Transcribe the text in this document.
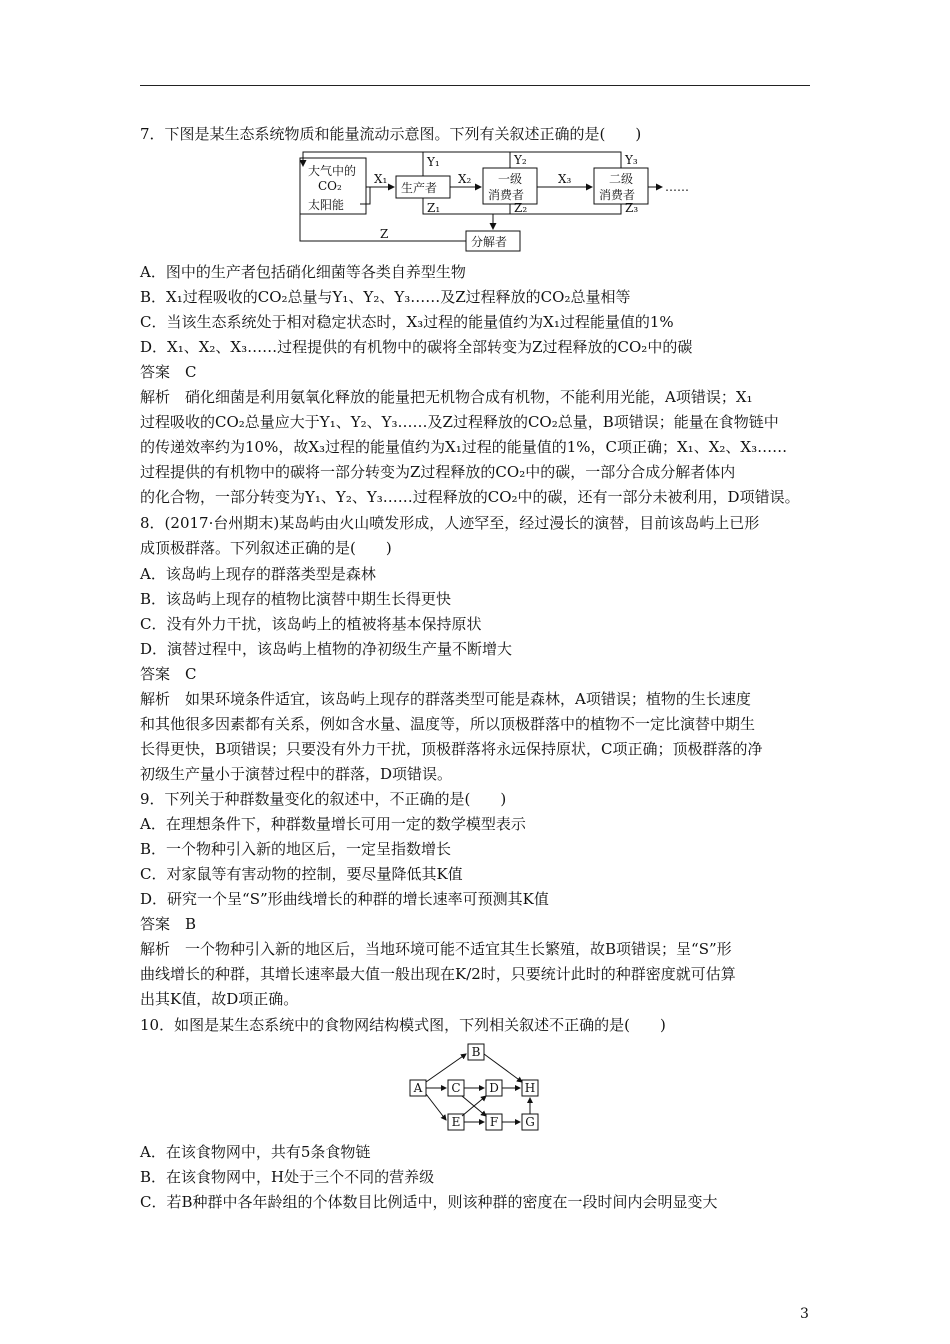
7．下图是某生态系统物质和能量流动示意图。下列有关叙述正确的是(　　)
大气中的
CO₂
太阳能
生产者
一级
消费者
二级
消费者
分解者
X₁	X₂	X₃
Y₁	Y₂	Y₃
Z₁	Z₂	Z₃
Z
……
A．图中的生产者包括硝化细菌等各类自养型生物
B．X₁过程吸收的CO₂总量与Y₁、Y₂、Y₃……及Z过程释放的CO₂总量相等
C．当该生态系统处于相对稳定状态时，X₃过程的能量值约为X₁过程能量值的1%
D．X₁、X₂、X₃……过程提供的有机物中的碳将全部转变为Z过程释放的CO₂中的碳
答案　C
解析　硝化细菌是利用氨氧化释放的能量把无机物合成有机物，不能利用光能，A项错误；X₁
过程吸收的CO₂总量应大于Y₁、Y₂、Y₃……及Z过程释放的CO₂总量，B项错误；能量在食物链中
的传递效率约为10%，故X₃过程的能量值约为X₁过程的能量值的1%，C项正确；X₁、X₂、X₃……
过程提供的有机物中的碳将一部分转变为Z过程释放的CO₂中的碳，一部分合成分解者体内
的化合物，一部分转变为Y₁、Y₂、Y₃……过程释放的CO₂中的碳，还有一部分未被利用，D项错误。
8．(2017·台州期末)某岛屿由火山喷发形成，人迹罕至，经过漫长的演替，目前该岛屿上已形
成顶极群落。下列叙述正确的是(　　)
A．该岛屿上现存的群落类型是森林
B．该岛屿上现存的植物比演替中期生长得更快
C．没有外力干扰，该岛屿上的植被将基本保持原状
D．演替过程中，该岛屿上植物的净初级生产量不断增大
答案　C
解析　如果环境条件适宜，该岛屿上现存的群落类型可能是森林，A项错误；植物的生长速度
和其他很多因素都有关系，例如含水量、温度等，所以顶极群落中的植物不一定比演替中期生
长得更快，B项错误；只要没有外力干扰，顶极群落将永远保持原状，C项正确；顶极群落的净
初级生产量小于演替过程中的群落，D项错误。
9．下列关于种群数量变化的叙述中，不正确的是(　　)
A．在理想条件下，种群数量增长可用一定的数学模型表示
B．一个物种引入新的地区后，一定呈指数增长
C．对家鼠等有害动物的控制，要尽量降低其K值
D．研究一个呈“S”形曲线增长的种群的增长速率可预测其K值
答案　B
解析　一个物种引入新的地区后，当地环境可能不适宜其生长繁殖，故B项错误；呈“S”形
曲线增长的种群，其增长速率最大值一般出现在K/2时，只要统计此时的种群密度就可估算
出其K值，故D项正确。
10．如图是某生态系统中的食物网结构模式图，下列相关叙述不正确的是(　　)
A
B
C D
E F G
H
A．在该食物网中，共有5条食物链
B．在该食物网中，H处于三个不同的营养级
C．若B种群中各年龄组的个体数目比例适中，则该种群的密度在一段时间内会明显变大
3
